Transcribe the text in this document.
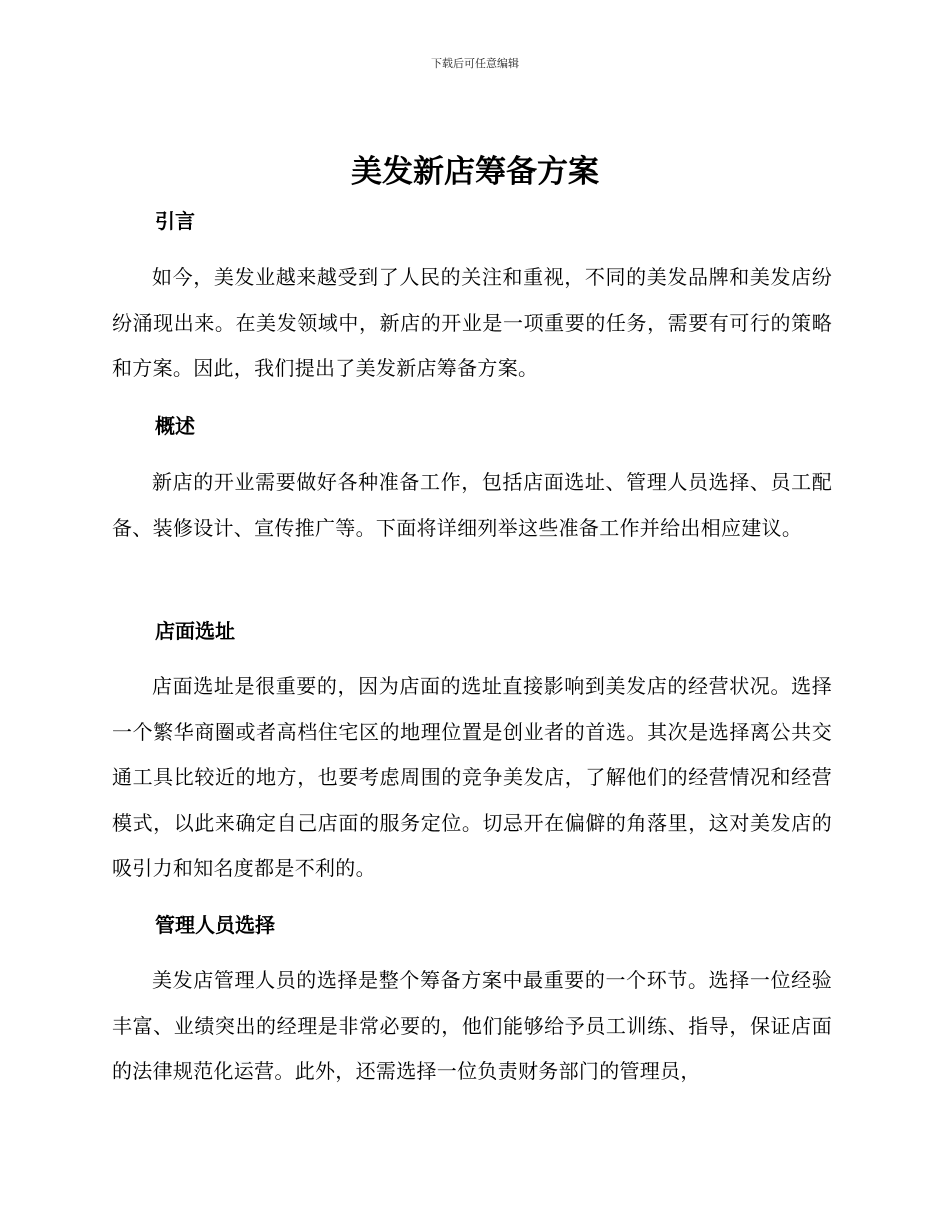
下载后可任意编辑
美发新店筹备方案
引言

如今，美发业越来越受到了人民的关注和重视，不同的美发品牌和美发店纷纷涌现出来。在美发领域中，新店的开业是一项重要的任务，需要有可行的策略和方案。因此，我们提出了美发新店筹备方案。

概述

新店的开业需要做好各种准备工作，包括店面选址、管理人员选择、员工配备、装修设计、宣传推广等。下面将详细列举这些准备工作并给出相应建议。

店面选址

店面选址是很重要的，因为店面的选址直接影响到美发店的经营状况。选择一个繁华商圈或者高档住宅区的地理位置是创业者的首选。其次是选择离公共交通工具比较近的地方，也要考虑周围的竞争美发店，了解他们的经营情况和经营模式，以此来确定自己店面的服务定位。切忌开在偏僻的角落里，这对美发店的吸引力和知名度都是不利的。

管理人员选择

美发店管理人员的选择是整个筹备方案中最重要的一个环节。选择一位经验丰富、业绩突出的经理是非常必要的，他们能够给予员工训练、指导，保证店面的法律规范化运营。此外，还需选择一位负责财务部门的管理员，
